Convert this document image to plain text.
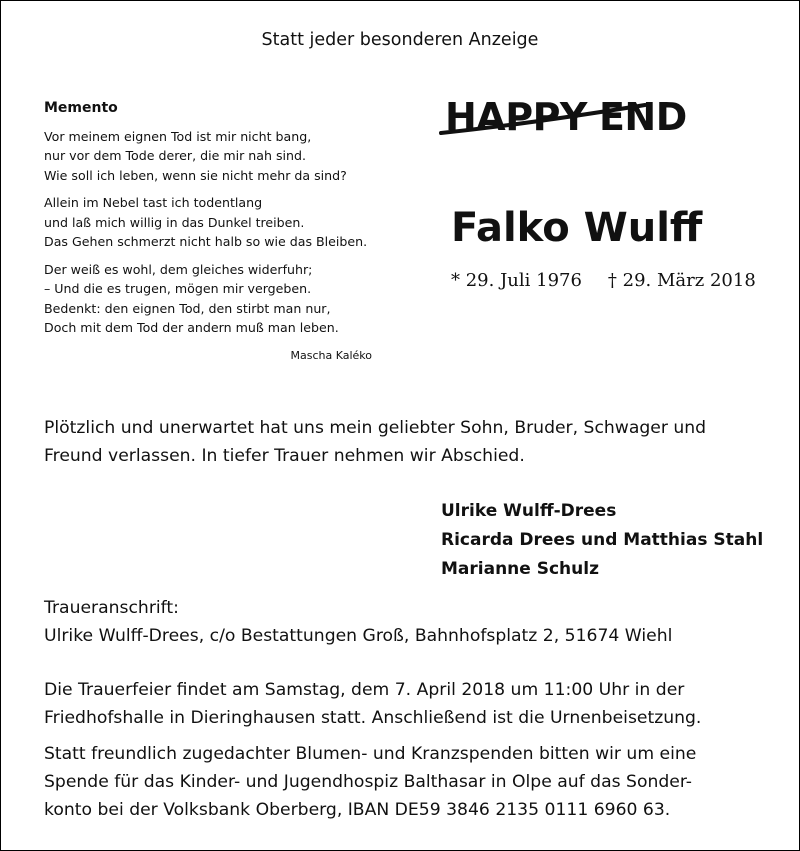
Statt jeder besonderen Anzeige
Memento
Vor meinem eignen Tod ist mir nicht bang,
nur vor dem Tode derer, die mir nah sind.
Wie soll ich leben, wenn sie nicht mehr da sind?
Allein im Nebel tast ich todentlang
und laß mich willig in das Dunkel treiben.
Das Gehen schmerzt nicht halb so wie das Bleiben.
Der weiß es wohl, dem gleiches widerfuhr;
– Und die es trugen, mögen mir vergeben.
Bedenkt: den eignen Tod, den stirbt man nur,
Doch mit dem Tod der andern muß man leben.
Mascha Kaléko
HAPPY END
Falko Wulff
* 29. Juli 1976 † 29. März 2018
Plötzlich und unerwartet hat uns mein geliebter Sohn, Bruder, Schwager und
Freund verlassen. In tiefer Trauer nehmen wir Abschied.
Ulrike Wulff-Drees
Ricarda Drees und Matthias Stahl
Marianne Schulz
Traueranschrift:
Ulrike Wulff-Drees, c/o Bestattungen Groß, Bahnhofsplatz 2, 51674 Wiehl
Die Trauerfeier findet am Samstag, dem 7. April 2018 um 11:00 Uhr in der
Friedhofshalle in Dieringhausen statt. Anschließend ist die Urnenbeisetzung.
Statt freundlich zugedachter Blumen- und Kranzspenden bitten wir um eine
Spende für das Kinder- und Jugendhospiz Balthasar in Olpe auf das Sonder-
konto bei der Volksbank Oberberg, IBAN DE59 3846 2135 0111 6960 63.
